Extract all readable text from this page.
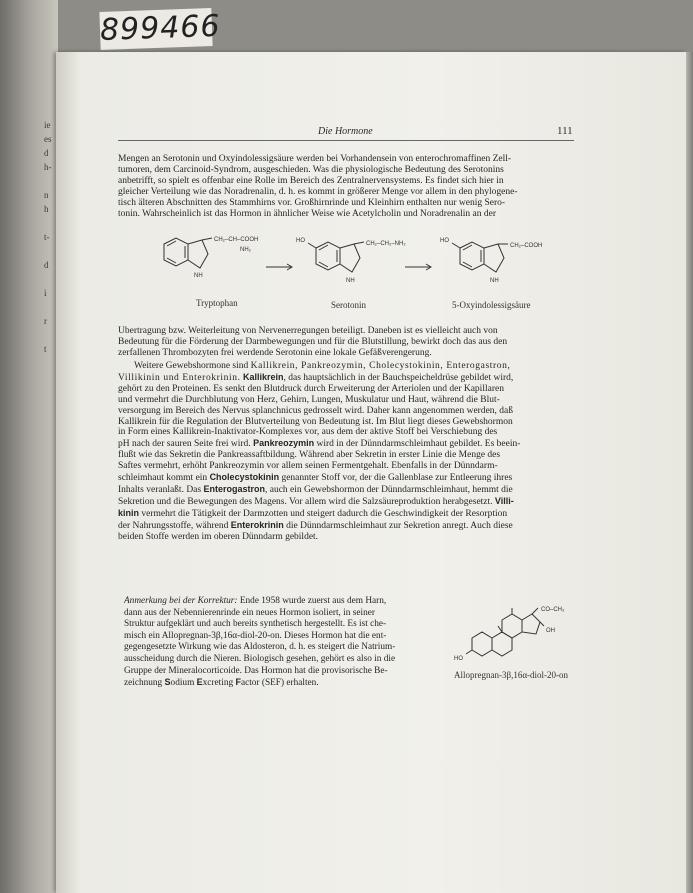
ie
es
d
h-

n
h

t-

d

i

r

t
899466
Die Hormone	111
Mengen an Serotonin und Oxyindolessigsäure werden bei Vorhandensein von enterochromaffinen Zell-
tumoren, dem Carcinoid-Syndrom, ausgeschieden. Was die physiologische Bedeutung des Serotonins
anbetrifft, so spielt es offenbar eine Rolle im Bereich des Zentralnervensystems. Es findet sich hier in
gleicher Verteilung wie das Noradrenalin, d. h. es kommt in größerer Menge vor allem in den phylogene-
tisch älteren Abschnitten des Stammhirns vor. Großhirnrinde und Kleinhirn enthalten nur wenig Sero-
tonin. Wahrscheinlich ist das Hormon in ähnlicher Weise wie Acetylcholin und Noradrenalin an der
CH₂–CH–COOH
NH₂
NH
Tryptophan
HO	CH₂–CH₂–NH₂
NH
Serotonin
HO
CH₂–COOH
NH
5-Oxyindolessigsäure
Übertragung bzw. Weiterleitung von Nervenerregungen beteiligt. Daneben ist es vielleicht auch von
Bedeutung für die Förderung der Darmbewegungen und für die Blutstillung, bewirkt doch das aus den
zerfallenen Thrombozyten frei werdende Serotonin eine lokale Gefäßverengerung.
Weitere Gewebshormone sind Kallikrein, Pankreozymin, Cholecystokinin, Enterogastron,
Villikinin und Enterokrinin. Kallikrein, das hauptsächlich in der Bauchspeicheldrüse gebildet wird,
gehört zu den Proteinen. Es senkt den Blutdruck durch Erweiterung der Arteriolen und der Kapillaren
und vermehrt die Durchblutung von Herz, Gehirn, Lungen, Muskulatur und Haut, während die Blut-
versorgung im Bereich des Nervus splanchnicus gedrosselt wird. Daher kann angenommen werden, daß
Kallikrein für die Regulation der Blutverteilung von Bedeutung ist. Im Blut liegt dieses Gewebshormon
in Form eines Kallikrein-Inaktivator-Komplexes vor, aus dem der aktive Stoff bei Verschiebung des
pH nach der sauren Seite frei wird. Pankreozymin wird in der Dünndarmschleimhaut gebildet. Es beein-
flußt wie das Sekretin die Pankreassaftbildung. Während aber Sekretin in erster Linie die Menge des
Saftes vermehrt, erhöht Pankreozymin vor allem seinen Fermentgehalt. Ebenfalls in der Dünndarm-
schleimhaut kommt ein Cholecystokinin genannter Stoff vor, der die Gallenblase zur Entleerung ihres
Inhalts veranlaßt. Das Enterogastron, auch ein Gewebshormon der Dünndarmschleimhaut, hemmt die
Sekretion und die Bewegungen des Magens. Vor allem wird die Salzsäureproduktion herabgesetzt. Villi-
kinin vermehrt die Tätigkeit der Darmzotten und steigert dadurch die Geschwindigkeit der Resorption
der Nahrungsstoffe, während Enterokrinin die Dünndarmschleimhaut zur Sekretion anregt. Auch diese
beiden Stoffe werden im oberen Dünndarm gebildet.
Anmerkung bei der Korrektur: Ende 1958 wurde zuerst aus dem Harn,
dann aus der Nebennierenrinde ein neues Hormon isoliert, in seiner
Struktur aufgeklärt und auch bereits synthetisch hergestellt. Es ist che-
misch ein Allopregnan-3β,16α-diol-20-on. Dieses Hormon hat die ent-
gegengesetzte Wirkung wie das Aldosteron, d. h. es steigert die Natrium-
ausscheidung durch die Nieren. Biologisch gesehen, gehört es also in die
Gruppe der Mineralocorticoide. Das Hormon hat die provisorische Be-
zeichnung Sodium Excreting Factor (SEF) erhalten.
CO–CH₃
OH
HO
Allopregnan-3β,16α-diol-20-on
